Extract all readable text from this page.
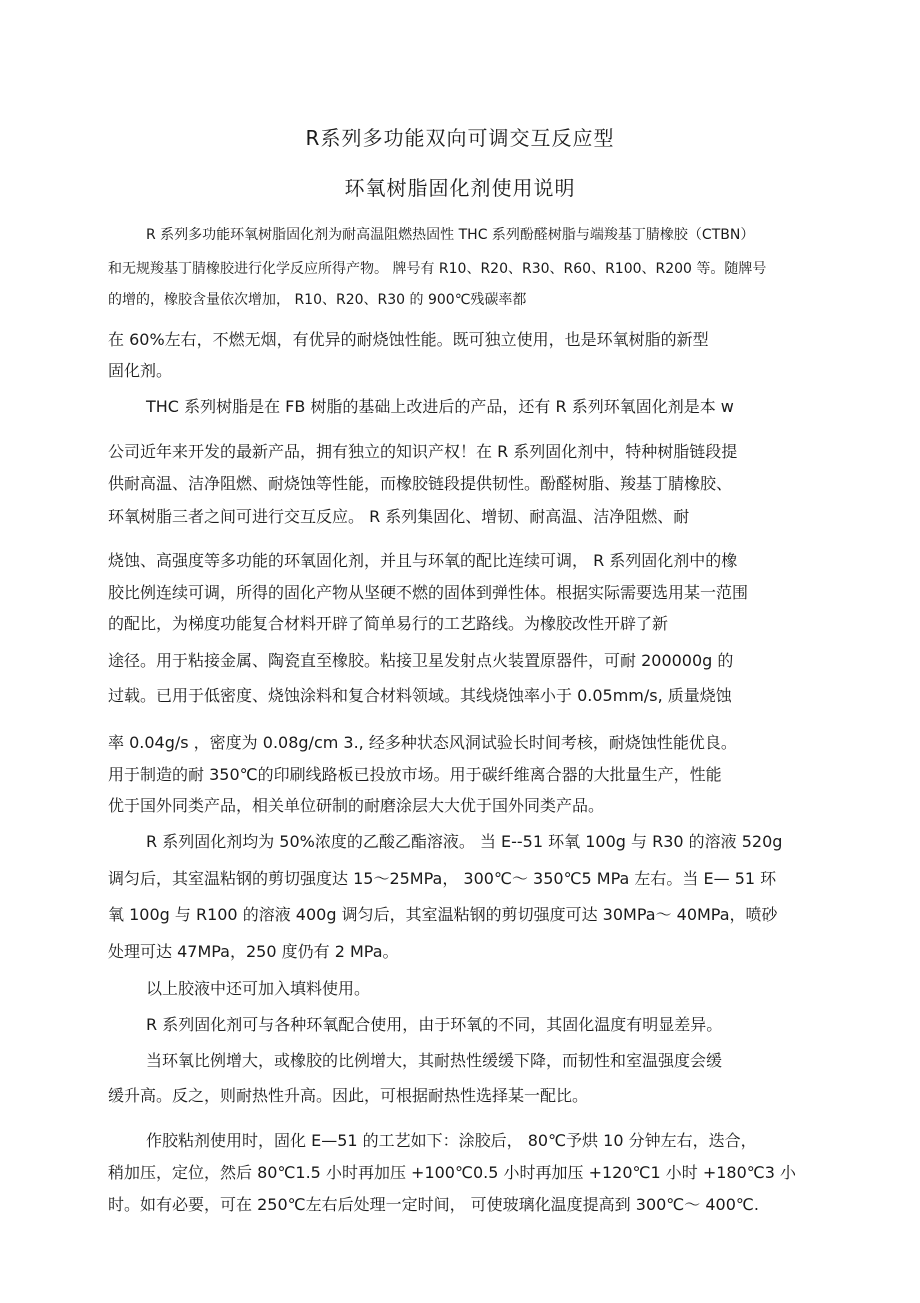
R系列多功能双向可调交互反应型
环氧树脂固化剂使用说明

R 系列多功能环氧树脂固化剂为耐高温阻燃热固性 THC 系列酚醛树脂与端羧基丁腈橡胶（CTBN）

和无规羧基丁腈橡胶进行化学反应所得产物。 牌号有 R10、R20、R30、R60、R100、R200 等。随牌号

的增的，橡胶含量依次增加， R10、R20、R30 的 900℃残碳率都

在 60%左右，不燃无烟，有优异的耐烧蚀性能。既可独立使用，也是环氧树脂的新型

固化剂。

THC 系列树脂是在 FB 树脂的基础上改进后的产品，还有 R 系列环氧固化剂是本 w

公司近年来开发的最新产品，拥有独立的知识产权！在 R 系列固化剂中，特种树脂链段提

供耐高温、洁净阻燃、耐烧蚀等性能，而橡胶链段提供韧性。酚醛树脂、羧基丁腈橡胶、

环氧树脂三者之间可进行交互反应。 R 系列集固化、增韧、耐高温、洁净阻燃、耐

烧蚀、高强度等多功能的环氧固化剂，并且与环氧的配比连续可调， R 系列固化剂中的橡

胶比例连续可调，所得的固化产物从坚硬不燃的固体到弹性体。根据实际需要选用某一范围

的配比，为梯度功能复合材料开辟了简单易行的工艺路线。为橡胶改性开辟了新

途径。用于粘接金属、陶瓷直至橡胶。粘接卫星发射点火装置原器件，可耐 200000g 的

过载。已用于低密度、烧蚀涂料和复合材料领域。其线烧蚀率小于 0.05mm/s, 质量烧蚀

率 0.04g/s ，密度为 0.08g/cm 3., 经多种状态风洞试验长时间考核，耐烧蚀性能优良。

用于制造的耐 350℃的印刷线路板已投放市场。用于碳纤维离合器的大批量生产，性能

优于国外同类产品，相关单位研制的耐磨涂层大大优于国外同类产品。

R 系列固化剂均为 50%浓度的乙酸乙酯溶液。 当 E--51 环氧 100g 与 R30 的溶液 520g

调匀后，其室温粘钢的剪切强度达 15～25MPa， 300℃～ 350℃5 MPa 左右。当 E— 51 环

氧 100g 与 R100 的溶液 400g 调匀后，其室温粘钢的剪切强度可达 30MPa～ 40MPa，喷砂

处理可达 47MPa，250 度仍有 2 MPa。

以上胶液中还可加入填料使用。

R 系列固化剂可与各种环氧配合使用，由于环氧的不同，其固化温度有明显差异。

当环氧比例增大，或橡胶的比例增大，其耐热性缓缓下降，而韧性和室温强度会缓

缓升高。反之，则耐热性升高。因此，可根据耐热性选择某一配比。

作胶粘剂使用时，固化 E—51 的工艺如下：涂胶后， 80℃予烘 10 分钟左右，迭合，

稍加压，定位，然后 80℃1.5 小时再加压 +100℃0.5 小时再加压 +120℃1 小时 +180℃3 小

时。如有必要，可在 250℃左右后处理一定时间， 可使玻璃化温度提高到 300℃～ 400℃.
